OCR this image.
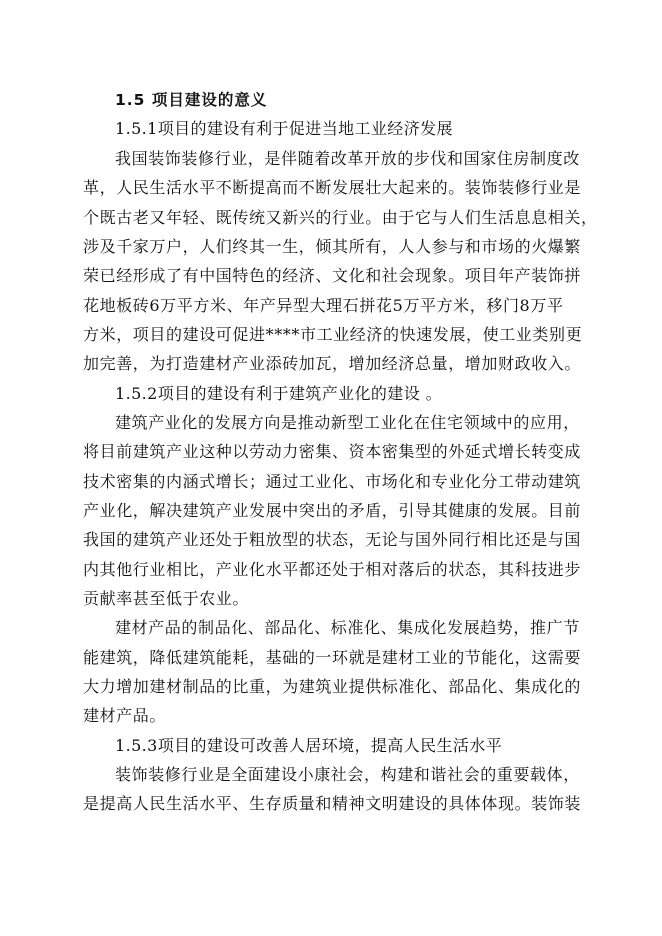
1.5 项目建设的意义
1.5.1项目的建设有利于促进当地工业经济发展
我国装饰装修行业，是伴随着改革开放的步伐和国家住房制度改
革，人民生活水平不断提高而不断发展壮大起来的。装饰装修行业是
个既古老又年轻、既传统又新兴的行业。由于它与人们生活息息相关，
涉及千家万户，人们终其一生，倾其所有，人人参与和市场的火爆繁
荣已经形成了有中国特色的经济、文化和社会现象。项目年产装饰拼
花地板砖6万平方米、年产异型大理石拼花5万平方米，移门8万平
方米，项目的建设可促进****市工业经济的快速发展，使工业类别更
加完善，为打造建材产业添砖加瓦，增加经济总量，增加财政收入。
1.5.2项目的建设有利于建筑产业化的建设 。
建筑产业化的发展方向是推动新型工业化在住宅领域中的应用，
将目前建筑产业这种以劳动力密集、资本密集型的外延式增长转变成
技术密集的内涵式增长；通过工业化、市场化和专业化分工带动建筑
产业化，解决建筑产业发展中突出的矛盾，引导其健康的发展。目前
我国的建筑产业还处于粗放型的状态，无论与国外同行相比还是与国
内其他行业相比，产业化水平都还处于相对落后的状态，其科技进步
贡献率甚至低于农业。
建材产品的制品化、部品化、标准化、集成化发展趋势，推广节
能建筑，降低建筑能耗，基础的一环就是建材工业的节能化，这需要
大力增加建材制品的比重，为建筑业提供标准化、部品化、集成化的
建材产品。
1.5.3项目的建设可改善人居环境，提高人民生活水平
装饰装修行业是全面建设小康社会，构建和谐社会的重要载体，
是提高人民生活水平、生存质量和精神文明建设的具体体现。装饰装
